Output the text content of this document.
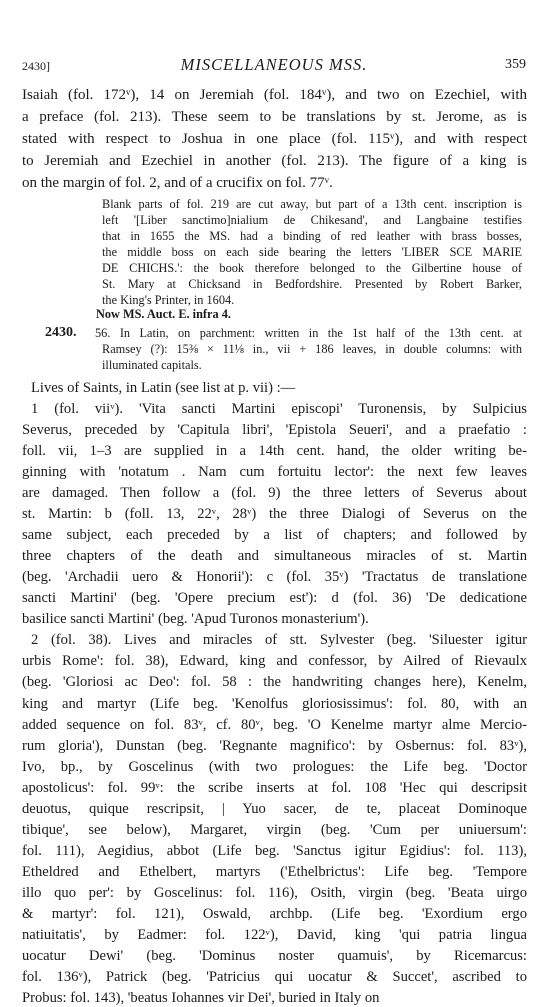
2430]	MISCELLANEOUS MSS.	359
Isaiah (fol. 172ᵛ), 14 on Jeremiah (fol. 184ᵛ), and two on Ezechiel, with
a preface (fol. 213). These seem to be translations by st. Jerome, as is
stated with respect to Joshua in one place (fol. 115ᵛ), and with respect
to Jeremiah and Ezechiel in another (fol. 213). The figure of a king is
on the margin of fol. 2, and of a crucifix on fol. 77ᵛ.
Blank parts of fol. 219 are cut away, but part of a 13th cent. inscription is
left '[Liber sanctimo]nialium de Chikesand', and Langbaine testifies
that in 1655 the MS. had a binding of red leather with brass bosses,
the middle boss on each side bearing the letters 'LIBER SCE MARIE
DE CHICHS.': the book therefore belonged to the Gilbertine house of
St. Mary at Chicksand in Bedfordshire. Presented by Robert Barker,
the King's Printer, in 1604.
Now MS. Auct. E. infra 4.
2430. 56. In Latin, on parchment: written in the 1st half of the 13th cent. at
Ramsey (?): 15⅜ × 11⅛ in., vii + 186 leaves, in double columns: with
illuminated capitals.
Lives of Saints, in Latin (see list at p. vii) :—
1 (fol. viiᵛ). 'Vita sancti Martini episcopi' Turonensis, by Sulpicius
Severus, preceded by 'Capitula libri', 'Epistola Seueri', and a praefatio :
foll. vii, 1–3 are supplied in a 14th cent. hand, the older writing be-
ginning with 'notatum . Nam cum fortuitu lector': the next few leaves
are damaged. Then follow a (fol. 9) the three letters of Severus about
st. Martin: b (foll. 13, 22ᵛ, 28ᵛ) the three Dialogi of Severus on the
same subject, each preceded by a list of chapters; and followed by
three chapters of the death and simultaneous miracles of st. Martin
(beg. 'Archadii uero & Honorii'): c (fol. 35ᵛ) 'Tractatus de translatione
sancti Martini' (beg. 'Opere precium est'): d (fol. 36) 'De dedicatione
basilice sancti Martini' (beg. 'Apud Turonos monasterium').
2 (fol. 38). Lives and miracles of stt. Sylvester (beg. 'Siluester igitur
urbis Rome': fol. 38), Edward, king and confessor, by Ailred of Rievaulx
(beg. 'Gloriosi ac Deo': fol. 58 : the handwriting changes here), Kenelm,
king and martyr (Life beg. 'Kenolfus gloriosissimus': fol. 80, with an
added sequence on fol. 83ᵛ, cf. 80ᵛ, beg. 'O Kenelme martyr alme Mercio-
rum gloria'), Dunstan (beg. 'Regnante magnifico': by Osbernus: fol. 83ᵛ),
Ivo, bp., by Goscelinus (with two prologues: the Life beg. 'Doctor
apostolicus': fol. 99ᵛ: the scribe inserts at fol. 108 'Hec qui descripsit
deuotus, quique rescripsit, | Yuo sacer, de te, placeat Dominoque
tibique', see below), Margaret, virgin (beg. 'Cum per uniuersum':
fol. 111), Aegidius, abbot (Life beg. 'Sanctus igitur Egidius': fol. 113),
Etheldred and Ethelbert, martyrs ('Ethelbrictus': Life beg. 'Tempore
illo quo per': by Goscelinus: fol. 116), Osith, virgin (beg. 'Beata uirgo
& martyr': fol. 121), Oswald, archbp. (Life beg. 'Exordium ergo
natiuitatis', by Eadmer: fol. 122ᵛ), David, king 'qui patria lingua
uocatur Dewi' (beg. 'Dominus noster quamuis', by Ricemarcus:
fol. 136ᵛ), Patrick (beg. 'Patricius qui uocatur & Succet', ascribed to
Probus: fol. 143), 'beatus Iohannes vir Dei', buried in Italy on
